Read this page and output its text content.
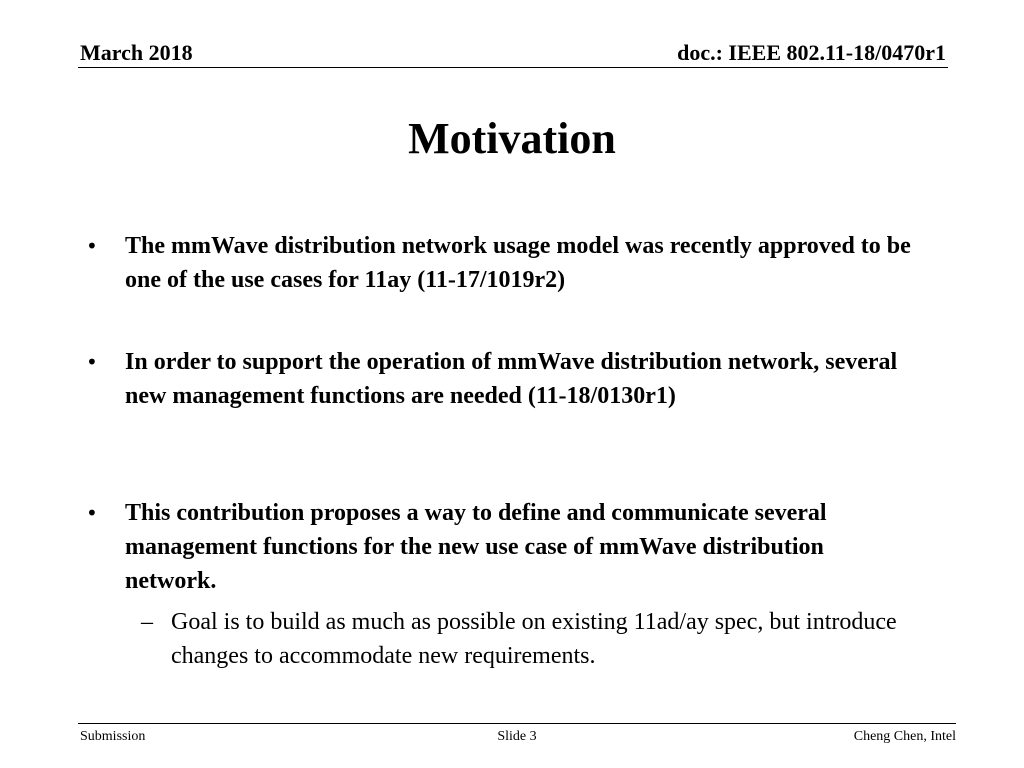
March 2018	doc.: IEEE 802.11-18/0470r1
Motivation
• The mmWave distribution network usage model was recently approved to be one of the use cases for 11ay (11-17/1019r2)
• In order to support the operation of mmWave distribution network, several new management functions are needed (11-18/0130r1)
• This contribution proposes a way to define and communicate several management functions for the new use case of mmWave distribution network.
– Goal is to build as much as possible on existing 11ad/ay spec, but introduce changes to accommodate new requirements.
Submission	Slide 3	Cheng Chen, Intel
